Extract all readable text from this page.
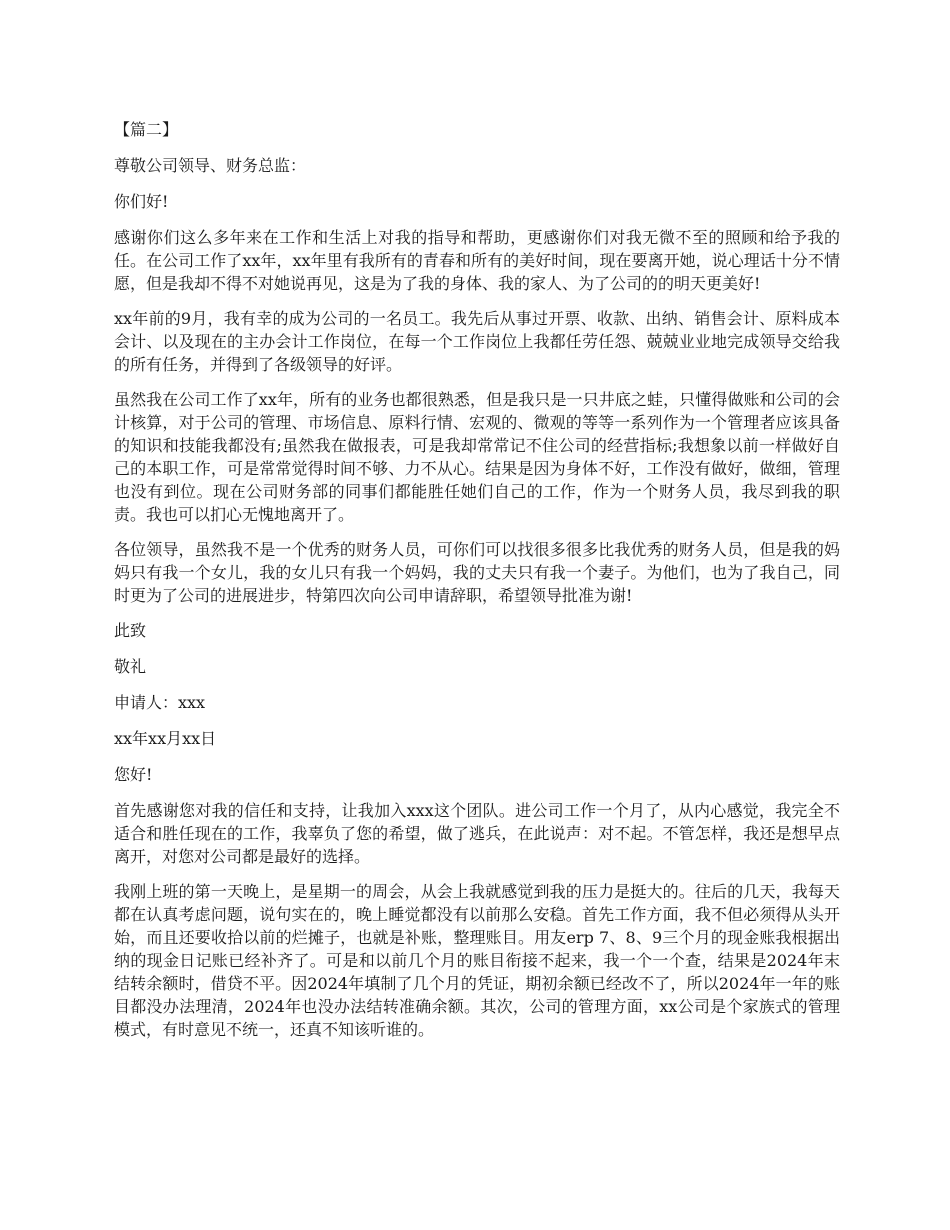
【篇二】

尊敬公司领导、财务总监：

你们好!

感谢你们这么多年来在工作和生活上对我的指导和帮助，更感谢你们对我无微不至的照顾和给予我的任。在公司工作了xx年，xx年里有我所有的青春和所有的美好时间，现在要离开她，说心理话十分不情愿，但是我却不得不对她说再见，这是为了我的身体、我的家人、为了公司的的明天更美好!

xx年前的9月，我有幸的成为公司的一名员工。我先后从事过开票、收款、出纳、销售会计、原料成本会计、以及现在的主办会计工作岗位，在每一个工作岗位上我都任劳任怨、兢兢业业地完成领导交给我的所有任务，并得到了各级领导的好评。

虽然我在公司工作了xx年，所有的业务也都很熟悉，但是我只是一只井底之蛙，只懂得做账和公司的会计核算，对于公司的管理、市场信息、原料行情、宏观的、微观的等等一系列作为一个管理者应该具备的知识和技能我都没有;虽然我在做报表，可是我却常常记不住公司的经营指标;我想象以前一样做好自己的本职工作，可是常常觉得时间不够、力不从心。结果是因为身体不好，工作没有做好，做细，管理也没有到位。现在公司财务部的同事们都能胜任她们自己的工作，作为一个财务人员，我尽到我的职责。我也可以扪心无愧地离开了。

各位领导，虽然我不是一个优秀的财务人员，可你们可以找很多很多比我优秀的财务人员，但是我的妈妈只有我一个女儿，我的女儿只有我一个妈妈，我的丈夫只有我一个妻子。为他们，也为了我自己，同时更为了公司的进展进步，特第四次向公司申请辞职，希望领导批准为谢!

此致

敬礼

申请人：xxx

xx年xx月xx日

您好!

首先感谢您对我的信任和支持，让我加入xxx这个团队。进公司工作一个月了，从内心感觉，我完全不适合和胜任现在的工作，我辜负了您的希望，做了逃兵，在此说声：对不起。不管怎样，我还是想早点离开，对您对公司都是最好的选择。

我刚上班的第一天晚上，是星期一的周会，从会上我就感觉到我的压力是挺大的。往后的几天，我每天都在认真考虑问题，说句实在的，晚上睡觉都没有以前那么安稳。首先工作方面，我不但必须得从头开始，而且还要收拾以前的烂摊子，也就是补账，整理账目。用友erp 7、8、9三个月的现金账我根据出纳的现金日记账已经补齐了。可是和以前几个月的账目衔接不起来，我一个一个查，结果是2024年末结转余额时，借贷不平。因2024年填制了几个月的凭证，期初余额已经改不了，所以2024年一年的账目都没办法理清，2024年也没办法结转准确余额。其次，公司的管理方面，xx公司是个家族式的管理模式，有时意见不统一，还真不知该听谁的。
